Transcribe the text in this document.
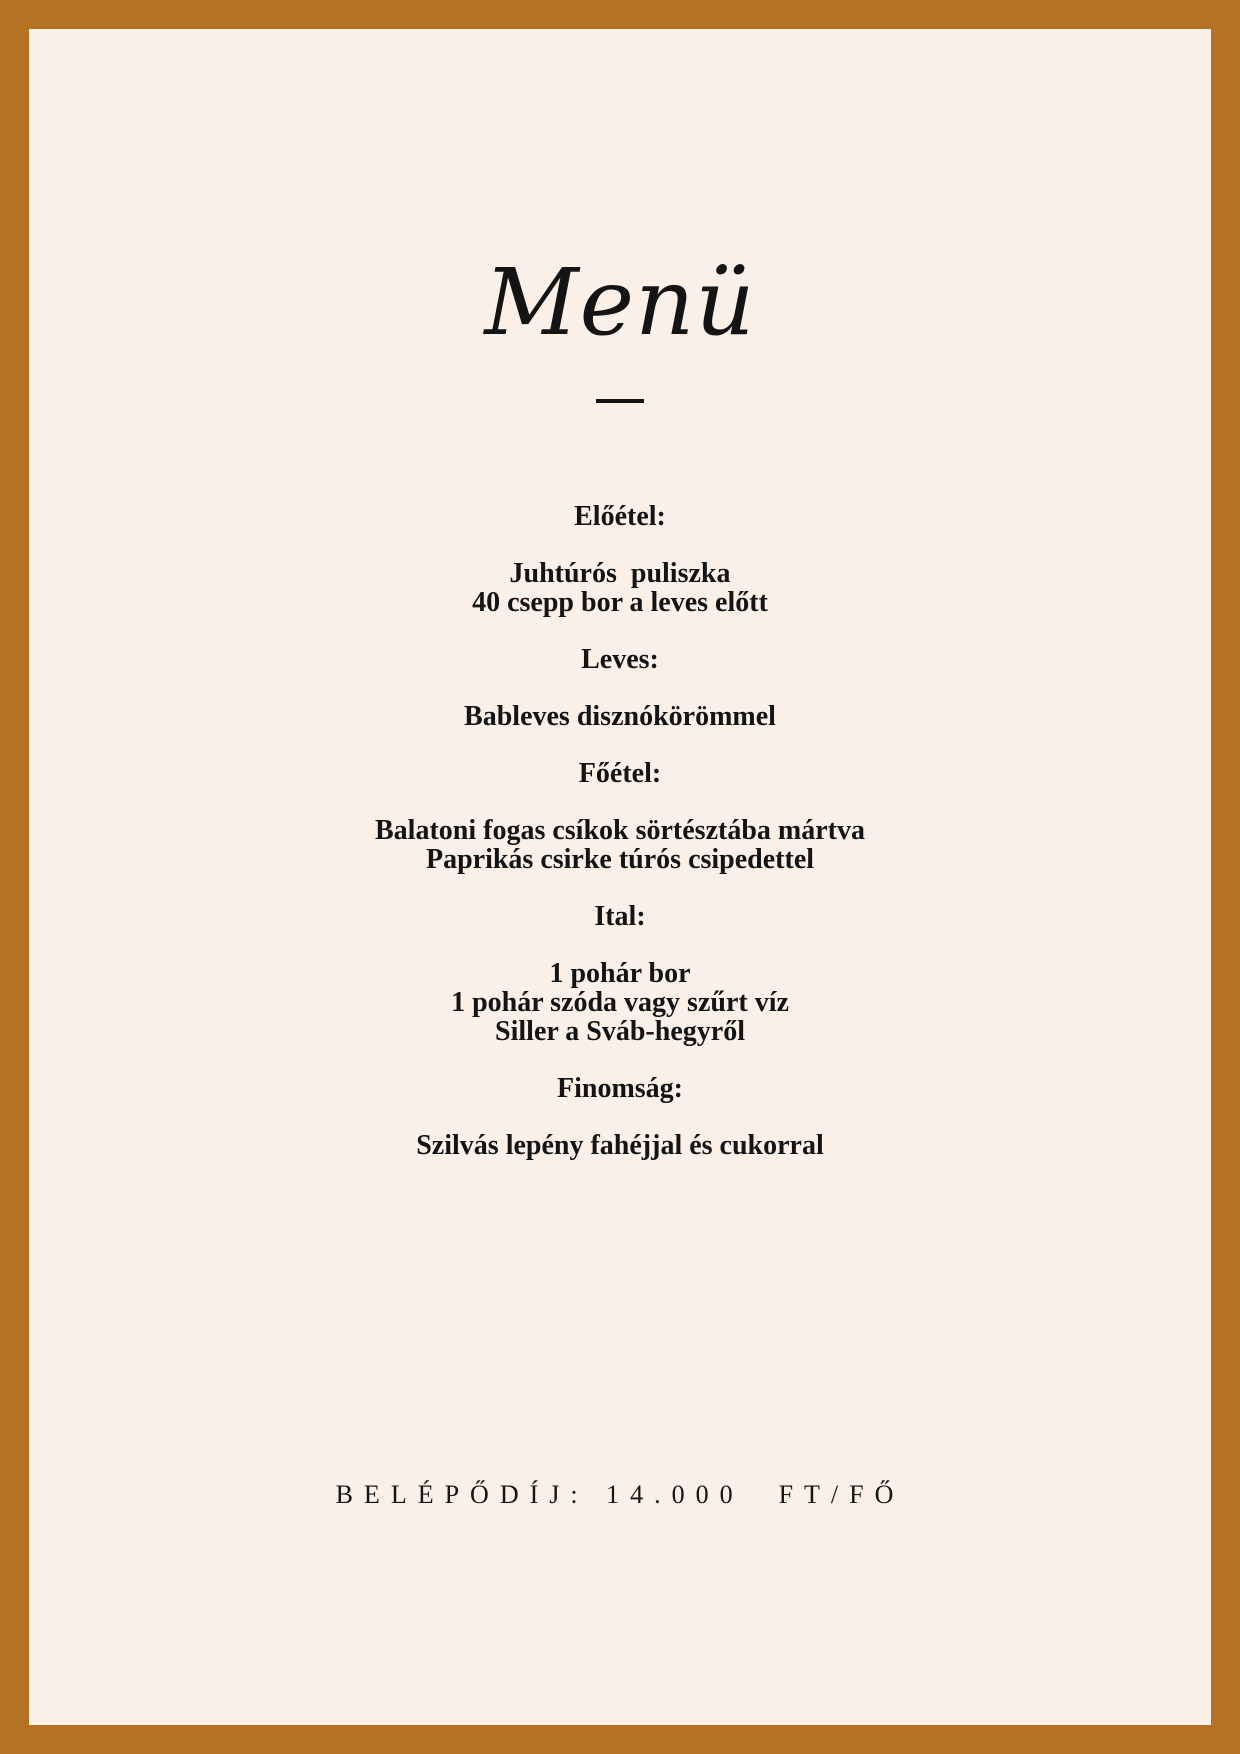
Menü
Előétel:
Juhtúrós  puliszka
40 csepp bor a leves előtt
Leves:
Bableves disznókörömmel
Főétel:
Balatoni fogas csíkok sörtésztába mártva
Paprikás csirke túrós csipedettel
Ital:
1 pohár bor
1 pohár szóda vagy szűrt víz
Siller a Sváb-hegyről
Finomság:
Szilvás lepény fahéjjal és cukorral
BELÉPŐDÍJ: 14.000  FT/FŐ
